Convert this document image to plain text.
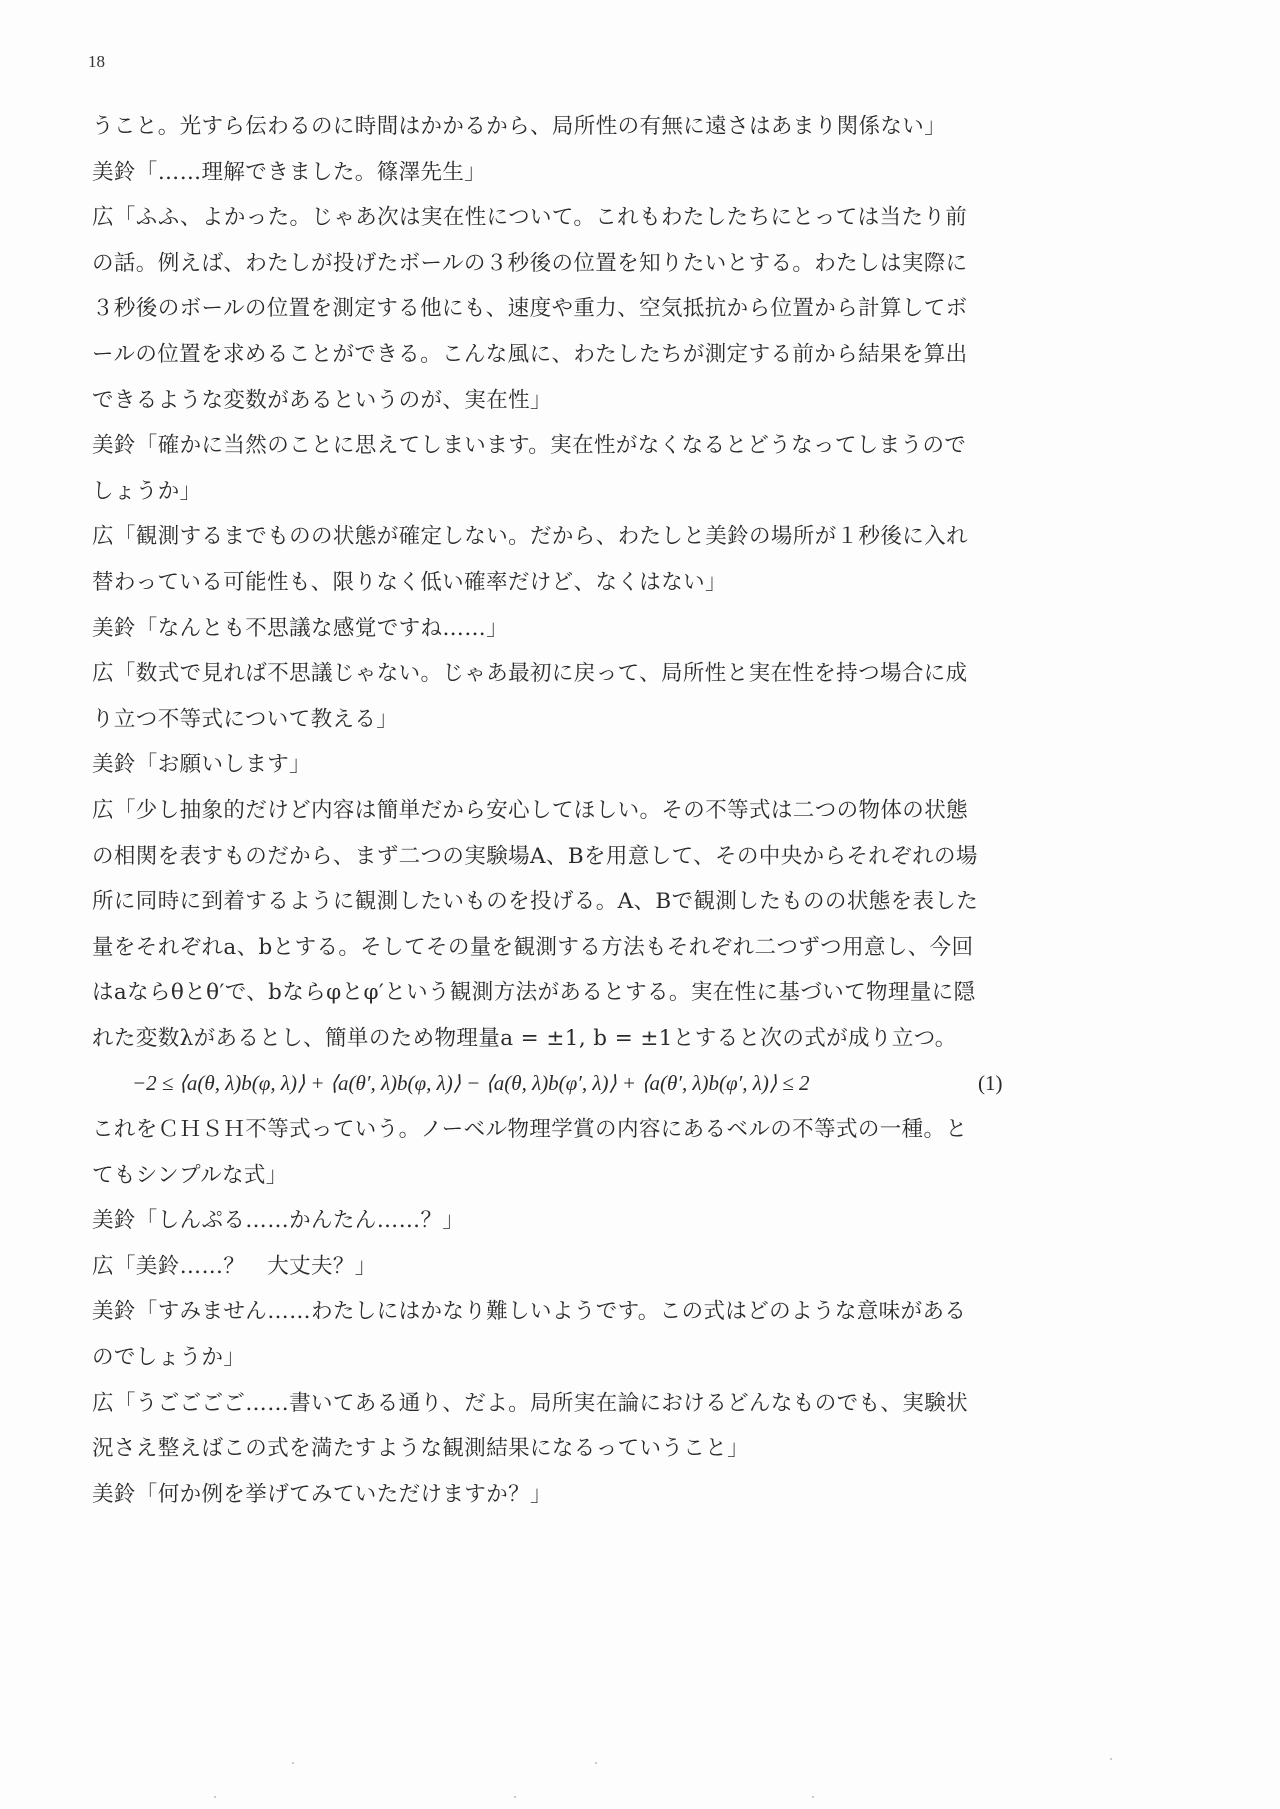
18
うこと。光すら伝わるのに時間はかかるから、局所性の有無に遠さはあまり関係ない」
美鈴「……理解できました。篠澤先生」
広「ふふ、よかった。じゃあ次は実在性について。これもわたしたちにとっては当たり前
の話。例えば、わたしが投げたボールの３秒後の位置を知りたいとする。わたしは実際に
３秒後のボールの位置を測定する他にも、速度や重力、空気抵抗から位置から計算してボ
ールの位置を求めることができる。こんな風に、わたしたちが測定する前から結果を算出
できるような変数があるというのが、実在性」
美鈴「確かに当然のことに思えてしまいます。実在性がなくなるとどうなってしまうので
しょうか」
広「観測するまでものの状態が確定しない。だから、わたしと美鈴の場所が１秒後に入れ
替わっている可能性も、限りなく低い確率だけど、なくはない」
美鈴「なんとも不思議な感覚ですね……」
広「数式で見れば不思議じゃない。じゃあ最初に戻って、局所性と実在性を持つ場合に成
り立つ不等式について教える」
美鈴「お願いします」
広「少し抽象的だけど内容は簡単だから安心してほしい。その不等式は二つの物体の状態
の相関を表すものだから、まず二つの実験場A、Bを用意して、その中央からそれぞれの場
所に同時に到着するように観測したいものを投げる。A、Bで観測したものの状態を表した
量をそれぞれa、bとする。そしてその量を観測する方法もそれぞれ二つずつ用意し、今回
はaならθとθ′で、bならφとφ′という観測方法があるとする。実在性に基づいて物理量に隠
れた変数λがあるとし、簡単のため物理量a = ±1, b = ±1とすると次の式が成り立つ。
−2 ≤ ⟨a(θ, λ)b(φ, λ)⟩ + ⟨a(θ′, λ)b(φ, λ)⟩ − ⟨a(θ, λ)b(φ′, λ)⟩ + ⟨a(θ′, λ)b(φ′, λ)⟩ ≤ 2	(1)
これをＣＨＳＨ不等式っていう。ノーベル物理学賞の内容にあるベルの不等式の一種。と
てもシンプルな式」
美鈴「しんぷる……かんたん……？」
広「美鈴……？　大丈夫？」
美鈴「すみません……わたしにはかなり難しいようです。この式はどのような意味がある
のでしょうか」
広「うごごごご……書いてある通り、だよ。局所実在論におけるどんなものでも、実験状
況さえ整えばこの式を満たすような観測結果になるっていうこと」
美鈴「何か例を挙げてみていただけますか？」
